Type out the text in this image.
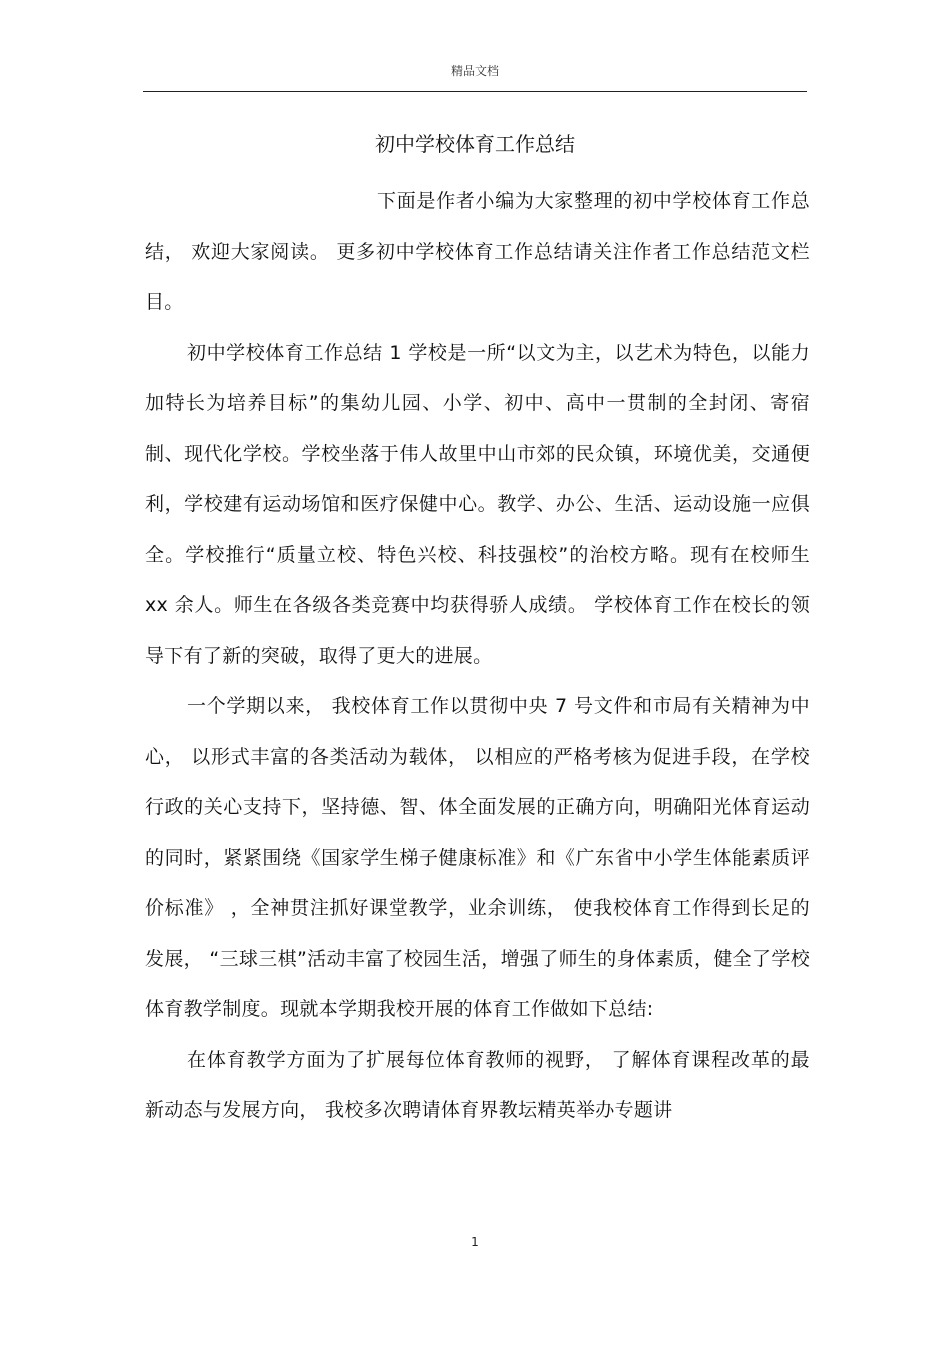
精品文档
初中学校体育工作总结

下面是作者小编为大家整理的初中学校体育工作总结， 欢迎大家阅读。 更多初中学校体育工作总结请关注作者工作总结范文栏目。

初中学校体育工作总结 1 学校是一所“以文为主，以艺术为特色，以能力加特长为培养目标”的集幼儿园、小学、初中、高中一贯制的全封闭、寄宿制、现代化学校。学校坐落于伟人故里中山市郊的民众镇，环境优美，交通便利，学校建有运动场馆和医疗保健中心。教学、办公、生活、运动设施一应俱全。学校推行“质量立校、特色兴校、科技强校”的治校方略。现有在校师生 xx 余人。师生在各级各类竞赛中均获得骄人成绩。 学校体育工作在校长的领导下有了新的突破，取得了更大的进展。

一个学期以来， 我校体育工作以贯彻中央 7 号文件和市局有关精神为中心， 以形式丰富的各类活动为载体， 以相应的严格考核为促进手段，在学校行政的关心支持下，坚持德、智、体全面发展的正确方向，明确阳光体育运动的同时，紧紧围绕《国家学生梯子健康标准》和《广东省中小学生体能素质评价标准》 ，全神贯注抓好课堂教学，业余训练， 使我校体育工作得到长足的发展， “三球三棋”活动丰富了校园生活，增强了师生的身体素质，健全了学校体育教学制度。现就本学期我校开展的体育工作做如下总结:

在体育教学方面为了扩展每位体育教师的视野， 了解体育课程改革的最新动态与发展方向， 我校多次聘请体育界教坛精英举办专题讲

1
